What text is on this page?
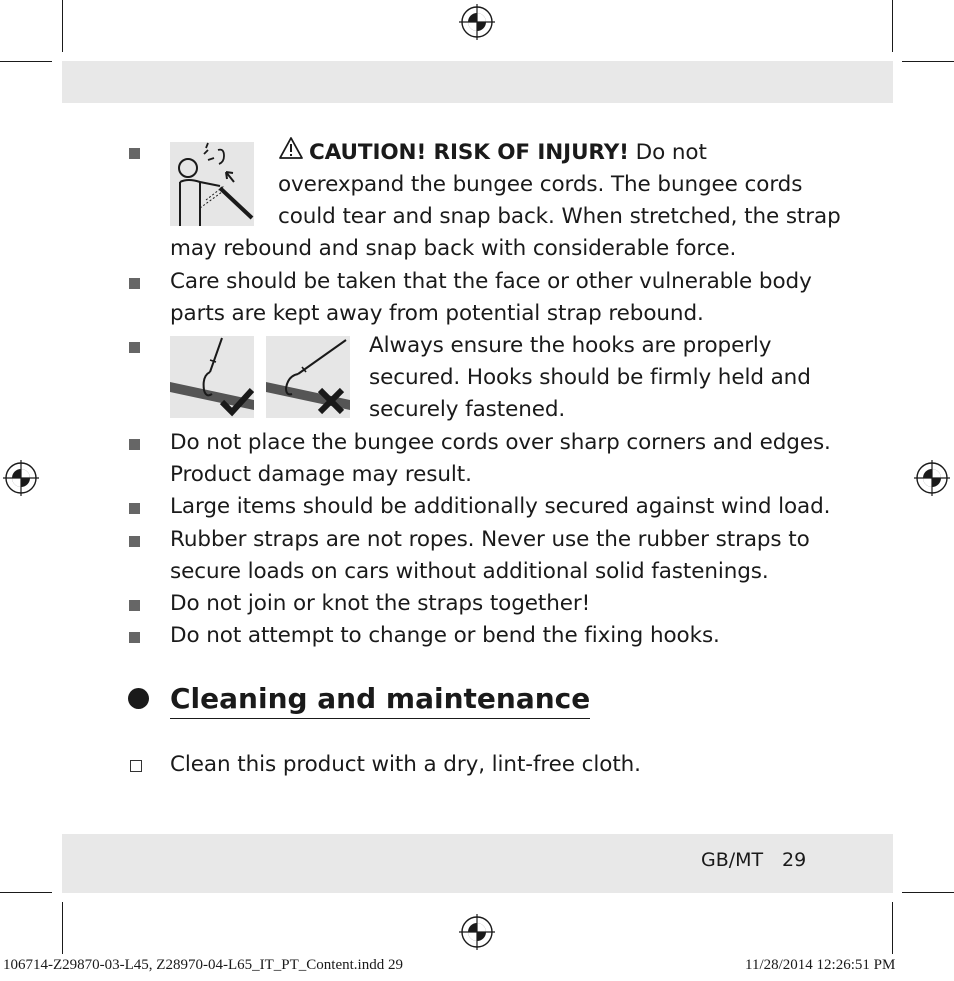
CAUTION! RISK OF INJURY! Do not
overexpand the bungee cords. The bungee cords
could tear and snap back. When stretched, the strap
may rebound and snap back with considerable force.
Care should be taken that the face or other vulnerable body
parts are kept away from potential strap rebound.
Always ensure the hooks are properly
secured. Hooks should be firmly held and
securely fastened.
Do not place the bungee cords over sharp corners and edges.
Product damage may result.
Large items should be additionally secured against wind load.
Rubber straps are not ropes. Never use the rubber straps to
secure loads on cars without additional solid fastenings.
Do not join or knot the straps together!
Do not attempt to change or bend the fixing hooks.
Cleaning and maintenance
Clean this product with a dry, lint-free cloth.
GB/MT 29
106714-Z29870-03-L45, Z28970-04-L65_IT_PT_Content.indd 29	11/28/2014 12:26:51 PM
